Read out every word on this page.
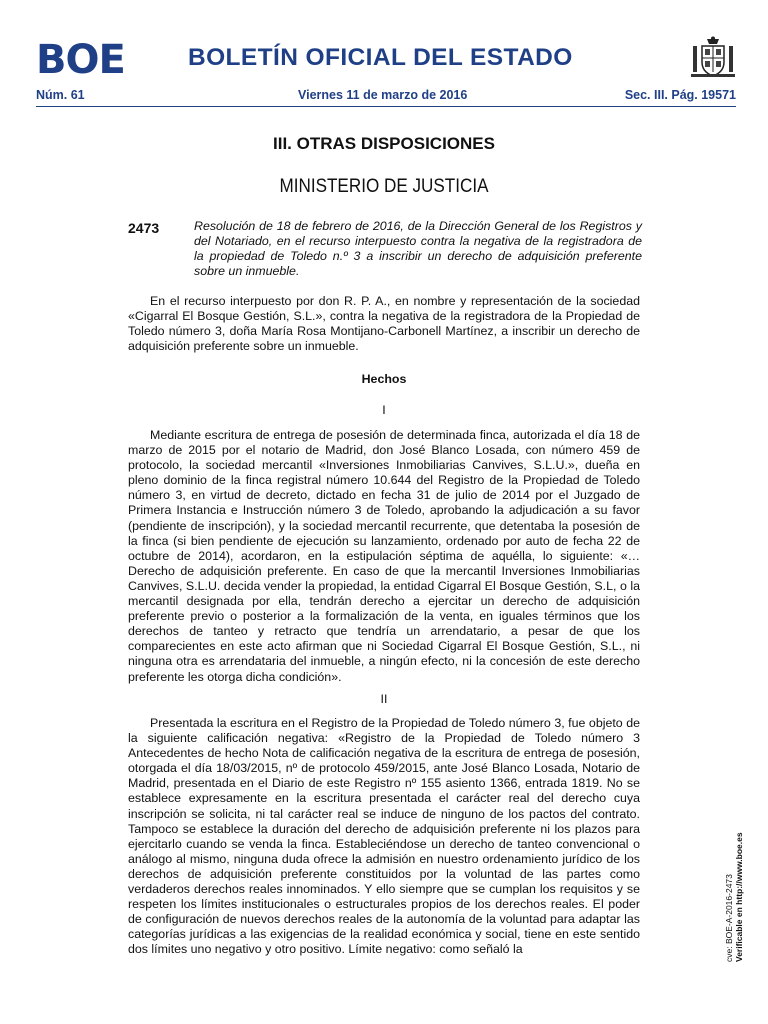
BOE	BOLETÍN OFICIAL DEL ESTADO
Núm. 61	Viernes 11 de marzo de 2016	Sec. III. Pág. 19571
III. OTRAS DISPOSICIONES
MINISTERIO DE JUSTICIA
2473	Resolución de 18 de febrero de 2016, de la Dirección General de los Registros y del Notariado, en el recurso interpuesto contra la negativa de la registradora de la propiedad de Toledo n.º 3 a inscribir un derecho de adquisición preferente sobre un inmueble.

En el recurso interpuesto por don R. P. A., en nombre y representación de la sociedad «Cigarral El Bosque Gestión, S.L.», contra la negativa de la registradora de la Propiedad de Toledo número 3, doña María Rosa Montijano-Carbonell Martínez, a inscribir un derecho de adquisición preferente sobre un inmueble.

Hechos
I

Mediante escritura de entrega de posesión de determinada finca, autorizada el día 18 de marzo de 2015 por el notario de Madrid, don José Blanco Losada, con número 459 de protocolo, la sociedad mercantil «Inversiones Inmobiliarias Canvives, S.L.U.», dueña en pleno dominio de la finca registral número 10.644 del Registro de la Propiedad de Toledo número 3, en virtud de decreto, dictado en fecha 31 de julio de 2014 por el Juzgado de Primera Instancia e Instrucción número 3 de Toledo, aprobando la adjudicación a su favor (pendiente de inscripción), y la sociedad mercantil recurrente, que detentaba la posesión de la finca (si bien pendiente de ejecución su lanzamiento, ordenado por auto de fecha 22 de octubre de 2014), acordaron, en la estipulación séptima de aquélla, lo siguiente: «… Derecho de adquisición preferente. En caso de que la mercantil Inversiones Inmobiliarias Canvives, S.L.U. decida vender la propiedad, la entidad Cigarral El Bosque Gestión, S.L, o la mercantil designada por ella, tendrán derecho a ejercitar un derecho de adquisición preferente previo o posterior a la formalización de la venta, en iguales términos que los derechos de tanteo y retracto que tendría un arrendatario, a pesar de que los comparecientes en este acto afirman que ni Sociedad Cigarral El Bosque Gestión, S.L., ni ninguna otra es arrendataria del inmueble, a ningún efecto, ni la concesión de este derecho preferente les otorga dicha condición».

II

Presentada la escritura en el Registro de la Propiedad de Toledo número 3, fue objeto de la siguiente calificación negativa: «Registro de la Propiedad de Toledo número 3 Antecedentes de hecho Nota de calificación negativa de la escritura de entrega de posesión, otorgada el día 18/03/2015, nº de protocolo 459/2015, ante José Blanco Losada, Notario de Madrid, presentada en el Diario de este Registro nº 155 asiento 1366, entrada 1819. No se establece expresamente en la escritura presentada el carácter real del derecho cuya inscripción se solicita, ni tal carácter real se induce de ninguno de los pactos del contrato. Tampoco se establece la duración del derecho de adquisición preferente ni los plazos para ejercitarlo cuando se venda la finca. Estableciéndose un derecho de tanteo convencional o análogo al mismo, ninguna duda ofrece la admisión en nuestro ordenamiento jurídico de los derechos de adquisición preferente constituidos por la voluntad de las partes como verdaderos derechos reales innominados. Y ello siempre que se cumplan los requisitos y se respeten los límites institucionales o estructurales propios de los derechos reales. El poder de configuración de nuevos derechos reales de la autonomía de la voluntad para adaptar las categorías jurídicas a las exigencias de la realidad económica y social, tiene en este sentido dos límites uno negativo y otro positivo. Límite negativo: como señaló la	cve: BOE-A-2016-2473 Verificable en http://www.boe.es
